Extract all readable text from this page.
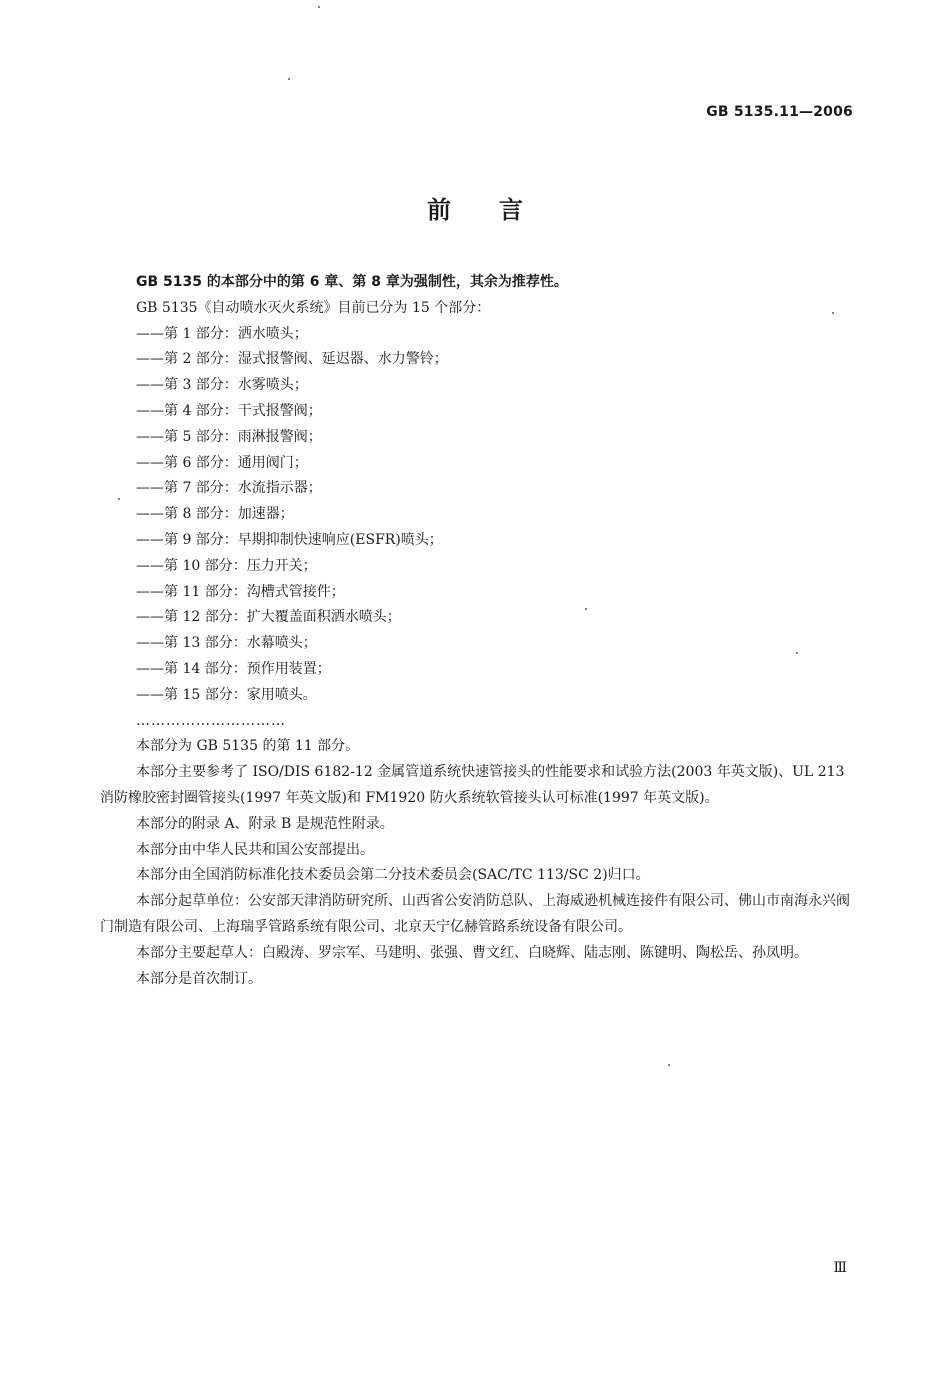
GB 5135.11—2006
前言

GB 5135 的本部分中的第 6 章、第 8 章为强制性，其余为推荐性。

GB 5135《自动喷水灭火系统》目前已分为 15 个部分：

——第 1 部分：洒水喷头；

——第 2 部分：湿式报警阀、延迟器、水力警铃；

——第 3 部分：水雾喷头；

——第 4 部分：干式报警阀；

——第 5 部分：雨淋报警阀；

——第 6 部分：通用阀门；

——第 7 部分：水流指示器；

——第 8 部分：加速器；

——第 9 部分：早期抑制快速响应(ESFR)喷头；

——第 10 部分：压力开关；

——第 11 部分：沟槽式管接件；

——第 12 部分：扩大覆盖面积洒水喷头；

——第 13 部分：水幕喷头；

——第 14 部分：预作用装置；

——第 15 部分：家用喷头。

…………………………

本部分为 GB 5135 的第 11 部分。

本部分主要参考了 ISO/DIS 6182-12 金属管道系统快速管接头的性能要求和试验方法(2003 年英文版)、UL 213 消防橡胶密封圈管接头(1997 年英文版)和 FM1920 防火系统软管接头认可标准(1997 年英文版)。

本部分的附录 A、附录 B 是规范性附录。

本部分由中华人民共和国公安部提出。

本部分由全国消防标准化技术委员会第二分技术委员会(SAC/TC 113/SC 2)归口。

本部分起草单位：公安部天津消防研究所、山西省公安消防总队、上海威逊机械连接件有限公司、佛山市南海永兴阀门制造有限公司、上海瑞孚管路系统有限公司、北京天宁亿赫管路系统设备有限公司。

本部分主要起草人：白殿涛、罗宗军、马建明、张强、曹文红、白晓辉、陆志刚、陈键明、陶松岳、孙凤明。

本部分是首次制订。

Ⅲ
